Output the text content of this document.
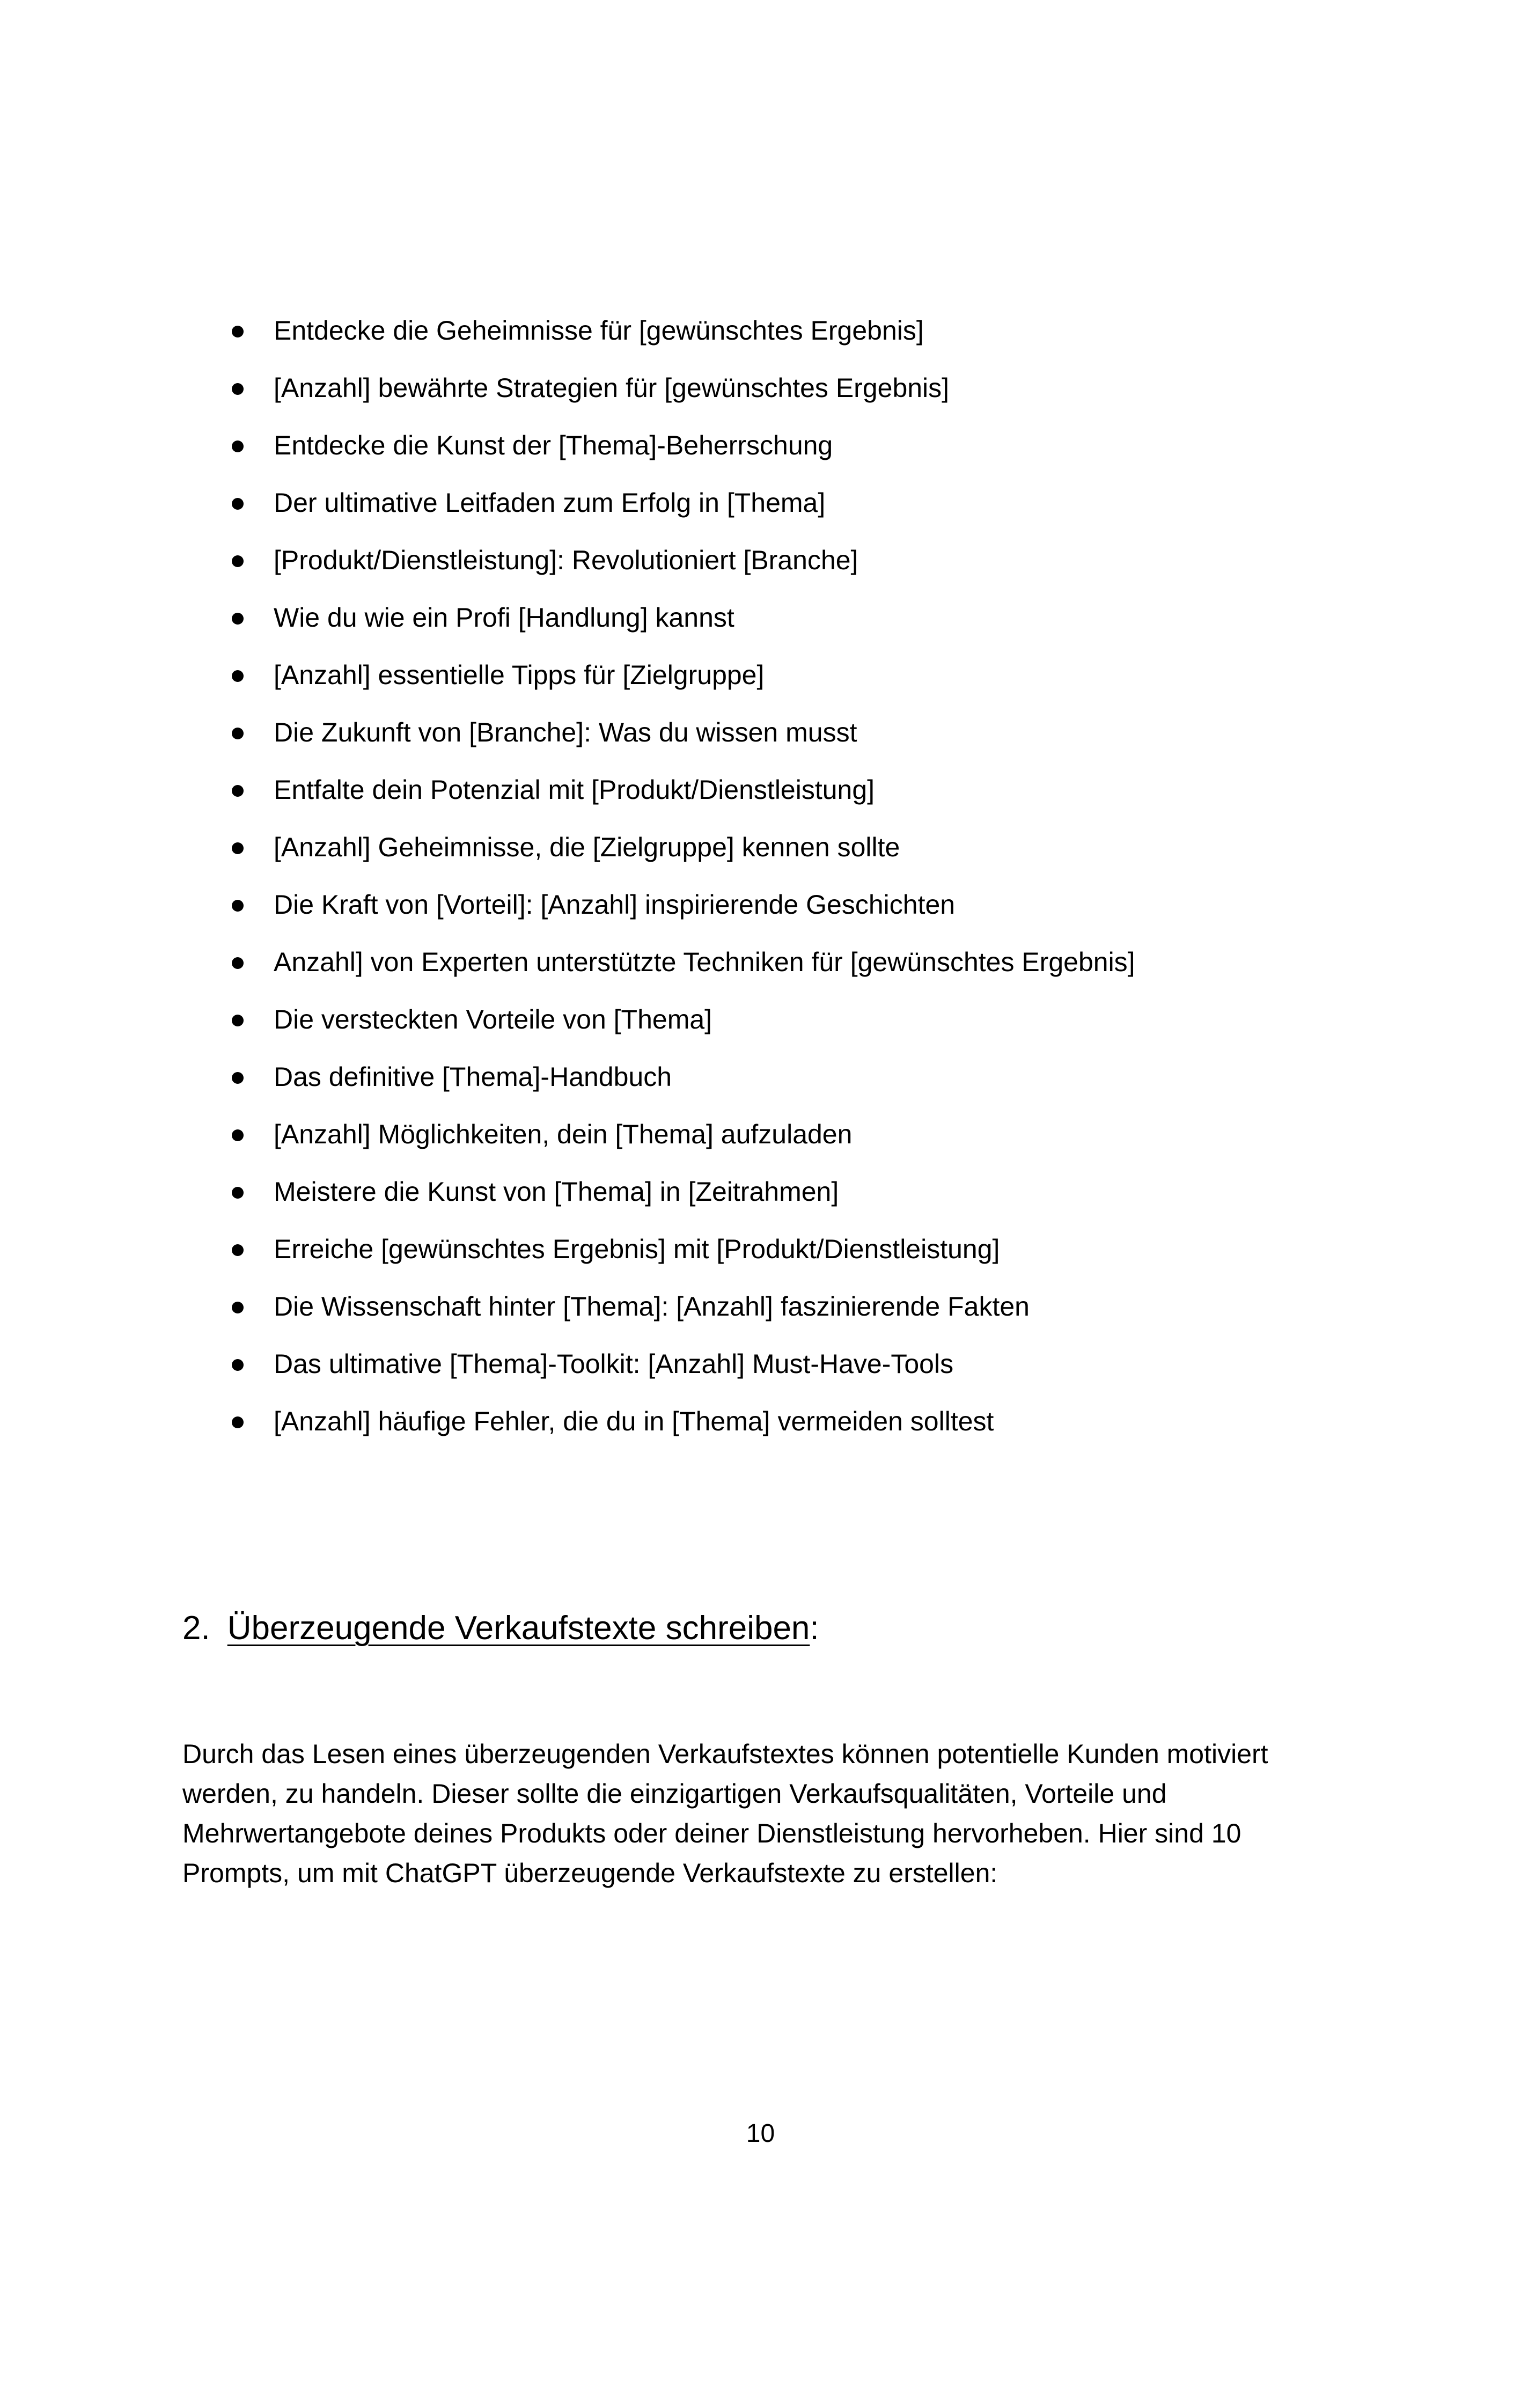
Entdecke die Geheimnisse für [gewünschtes Ergebnis]
[Anzahl] bewährte Strategien für [gewünschtes Ergebnis]
Entdecke die Kunst der [Thema]-Beherrschung
Der ultimative Leitfaden zum Erfolg in [Thema]
[Produkt/Dienstleistung]: Revolutioniert [Branche]
Wie du wie ein Profi [Handlung] kannst
[Anzahl] essentielle Tipps für [Zielgruppe]
Die Zukunft von [Branche]: Was du wissen musst
Entfalte dein Potenzial mit [Produkt/Dienstleistung]
[Anzahl] Geheimnisse, die [Zielgruppe] kennen sollte
Die Kraft von [Vorteil]: [Anzahl] inspirierende Geschichten
Anzahl] von Experten unterstützte Techniken für [gewünschtes Ergebnis]
Die versteckten Vorteile von [Thema]
Das definitive [Thema]-Handbuch
[Anzahl] Möglichkeiten, dein [Thema] aufzuladen
Meistere die Kunst von [Thema] in [Zeitrahmen]
Erreiche [gewünschtes Ergebnis] mit [Produkt/Dienstleistung]
Die Wissenschaft hinter [Thema]: [Anzahl] faszinierende Fakten
Das ultimative [Thema]-Toolkit: [Anzahl] Must-Have-Tools
[Anzahl] häufige Fehler, die du in [Thema] vermeiden solltest
2. Überzeugende Verkaufstexte schreiben:

Durch das Lesen eines überzeugenden Verkaufstextes können potentielle Kunden motiviert werden, zu handeln. Dieser sollte die einzigartigen Verkaufsqualitäten, Vorteile und Mehrwertangebote deines Produkts oder deiner Dienstleistung hervorheben. Hier sind 10 Prompts, um mit ChatGPT überzeugende Verkaufstexte zu erstellen:

10
